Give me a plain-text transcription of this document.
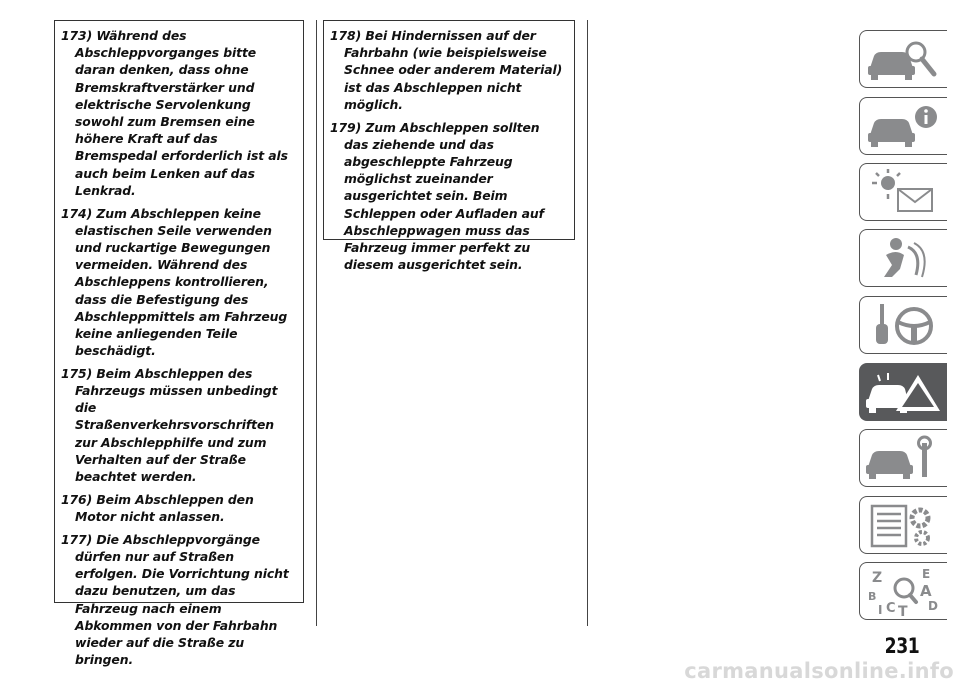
173) Während des Abschleppvorganges bitte daran denken, dass ohne Bremskraftverstärker und elektrische Servolenkung sowohl zum Bremsen eine höhere Kraft auf das Bremspedal erforderlich ist als auch beim Lenken auf das Lenkrad.

174) Zum Abschleppen keine elastischen Seile verwenden und ruckartige Bewegungen vermeiden. Während des Abschleppens kontrollieren, dass die Befestigung des Abschleppmittels am Fahrzeug keine anliegenden Teile beschädigt.

175) Beim Abschleppen des Fahrzeugs müssen unbedingt die Straßenverkehrsvorschriften zur Abschlepphilfe und zum Verhalten auf der Straße beachtet werden.

176) Beim Abschleppen den Motor nicht anlassen.

177) Die Abschleppvorgänge dürfen nur auf Straßen erfolgen. Die Vorrichtung nicht dazu benutzen, um das Fahrzeug nach einem Abkommen von der Fahrbahn wieder auf die Straße zu bringen.

178) Bei Hindernissen auf der Fahrbahn (wie beispielsweise Schnee oder anderem Material) ist das Abschleppen nicht möglich.

179) Zum Abschleppen sollten das ziehende und das abgeschleppte Fahrzeug möglichst zueinander ausgerichtet sein. Beim Schleppen oder Aufladen auf Abschleppwagen muss das Fahrzeug immer perfekt zu diesem ausgerichtet sein.

Z	E
B	A
C	D
T
I
231
carmanualsonline.info
